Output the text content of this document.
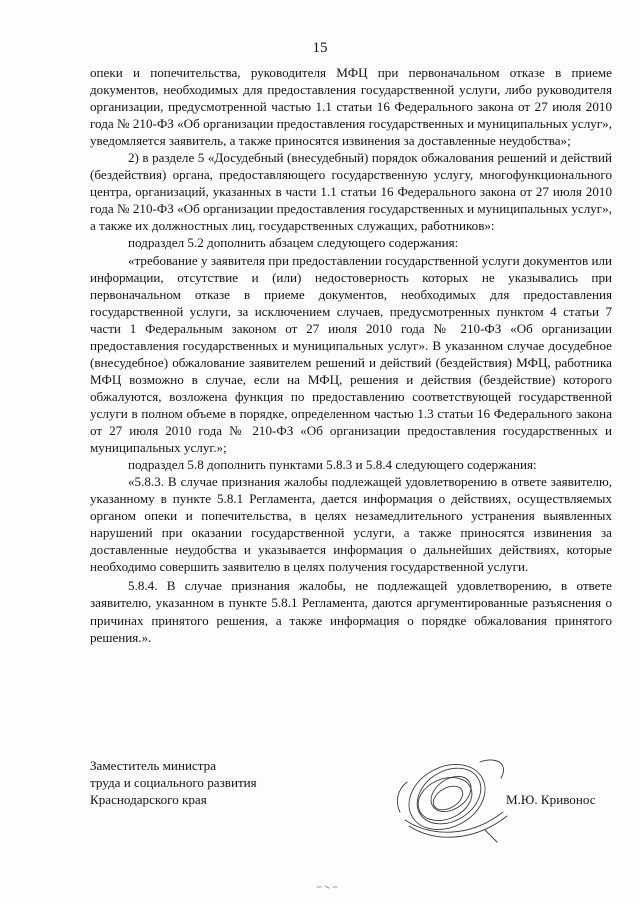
15

опеки и попечительства, руководителя МФЦ при первоначальном отказе в приеме документов, необходимых для предоставления государственной услуги, либо руководителя организации, предусмотренной частью 1.1 статьи 16 Федерального закона от 27 июля 2010 года № 210-ФЗ «Об организации предоставления государственных и муниципальных услуг», уведомляется заявитель, а также приносятся извинения за доставленные неудобства»;

2) в разделе 5 «Досудебный (внесудебный) порядок обжалования решений и действий (бездействия) органа, предоставляющего государственную услугу, многофункционального центра, организаций, указанных в части 1.1 статьи 16 Федерального закона от 27 июля 2010 года № 210-ФЗ «Об организации предоставления государственных и муниципальных услуг», а также их должностных лиц, государственных служащих, работников»:

подраздел 5.2 дополнить абзацем следующего содержания:

«требование у заявителя при предоставлении государственной услуги документов или информации, отсутствие и (или) недостоверность которых не указывались при первоначальном отказе в приеме документов, необходимых для предоставления государственной услуги, за исключением случаев, предусмотренных пунктом 4 статьи 7 части 1 Федеральным законом от 27 июля 2010 года № 210-ФЗ «Об организации предоставления государственных и муниципальных услуг». В указанном случае досудебное (внесудебное) обжалование заявителем решений и действий (бездействия) МФЦ, работника МФЦ возможно в случае, если на МФЦ, решения и действия (бездействие) которого обжалуются, возложена функция по предоставлению соответствующей государственной услуги в полном объеме в порядке, определенном частью 1.3 статьи 16 Федерального закона от 27 июля 2010 года № 210-ФЗ «Об организации предоставления государственных и муниципальных услуг.»;

подраздел 5.8 дополнить пунктами 5.8.3 и 5.8.4 следующего содержания:

«5.8.3. В случае признания жалобы подлежащей удовлетворению в ответе заявителю, указанному в пункте 5.8.1 Регламента, дается информация о действиях, осуществляемых органом опеки и попечительства, в целях незамедлительного устранения выявленных нарушений при оказании государственной услуги, а также приносятся извинения за доставленные неудобства и указывается информация о дальнейших действиях, которые необходимо совершить заявителю в целях получения государственной услуги.

5.8.4. В случае признания жалобы, не подлежащей удовлетворению, в ответе заявителю, указанном в пункте 5.8.1 Регламента, даются аргументированные разъяснения о причинах принятого решения, а также информация о порядке обжалования принятого решения.».

Заместитель министра
труда и социального развития
Краснодарского края	М.Ю. Кривонос
